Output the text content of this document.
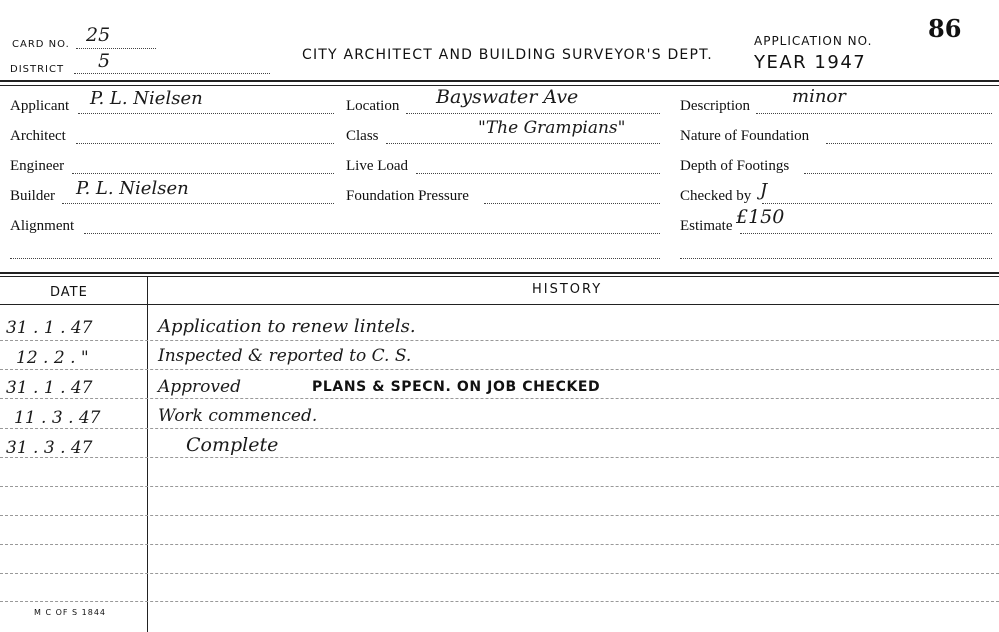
CARD NO. 25
DISTRICT 5	CITY ARCHITECT AND BUILDING SURVEYOR'S DEPT.
APPLICATION NO. 86
YEAR 1947
Applicant P. L. Nielsen
Architect
Engineer
Builder P. L. Nielsen
Alignment
Location Bayswater Ave
Class	"The Grampians"
Live Load
Foundation Pressure
Description minor
Nature of Foundation
Depth of Footings
Checked by J
Estimate £150
DATE	HISTORY
31 . 1 . 47	Application to renew lintels.
12 . 2 . "	Inspected & reported to C. S.
31 . 1 . 47	Approved	PLANS & SPECN. ON JOB CHECKED
11 . 3 . 47	Work commenced.
31 . 3 . 47	Complete
M C OF S 1844
